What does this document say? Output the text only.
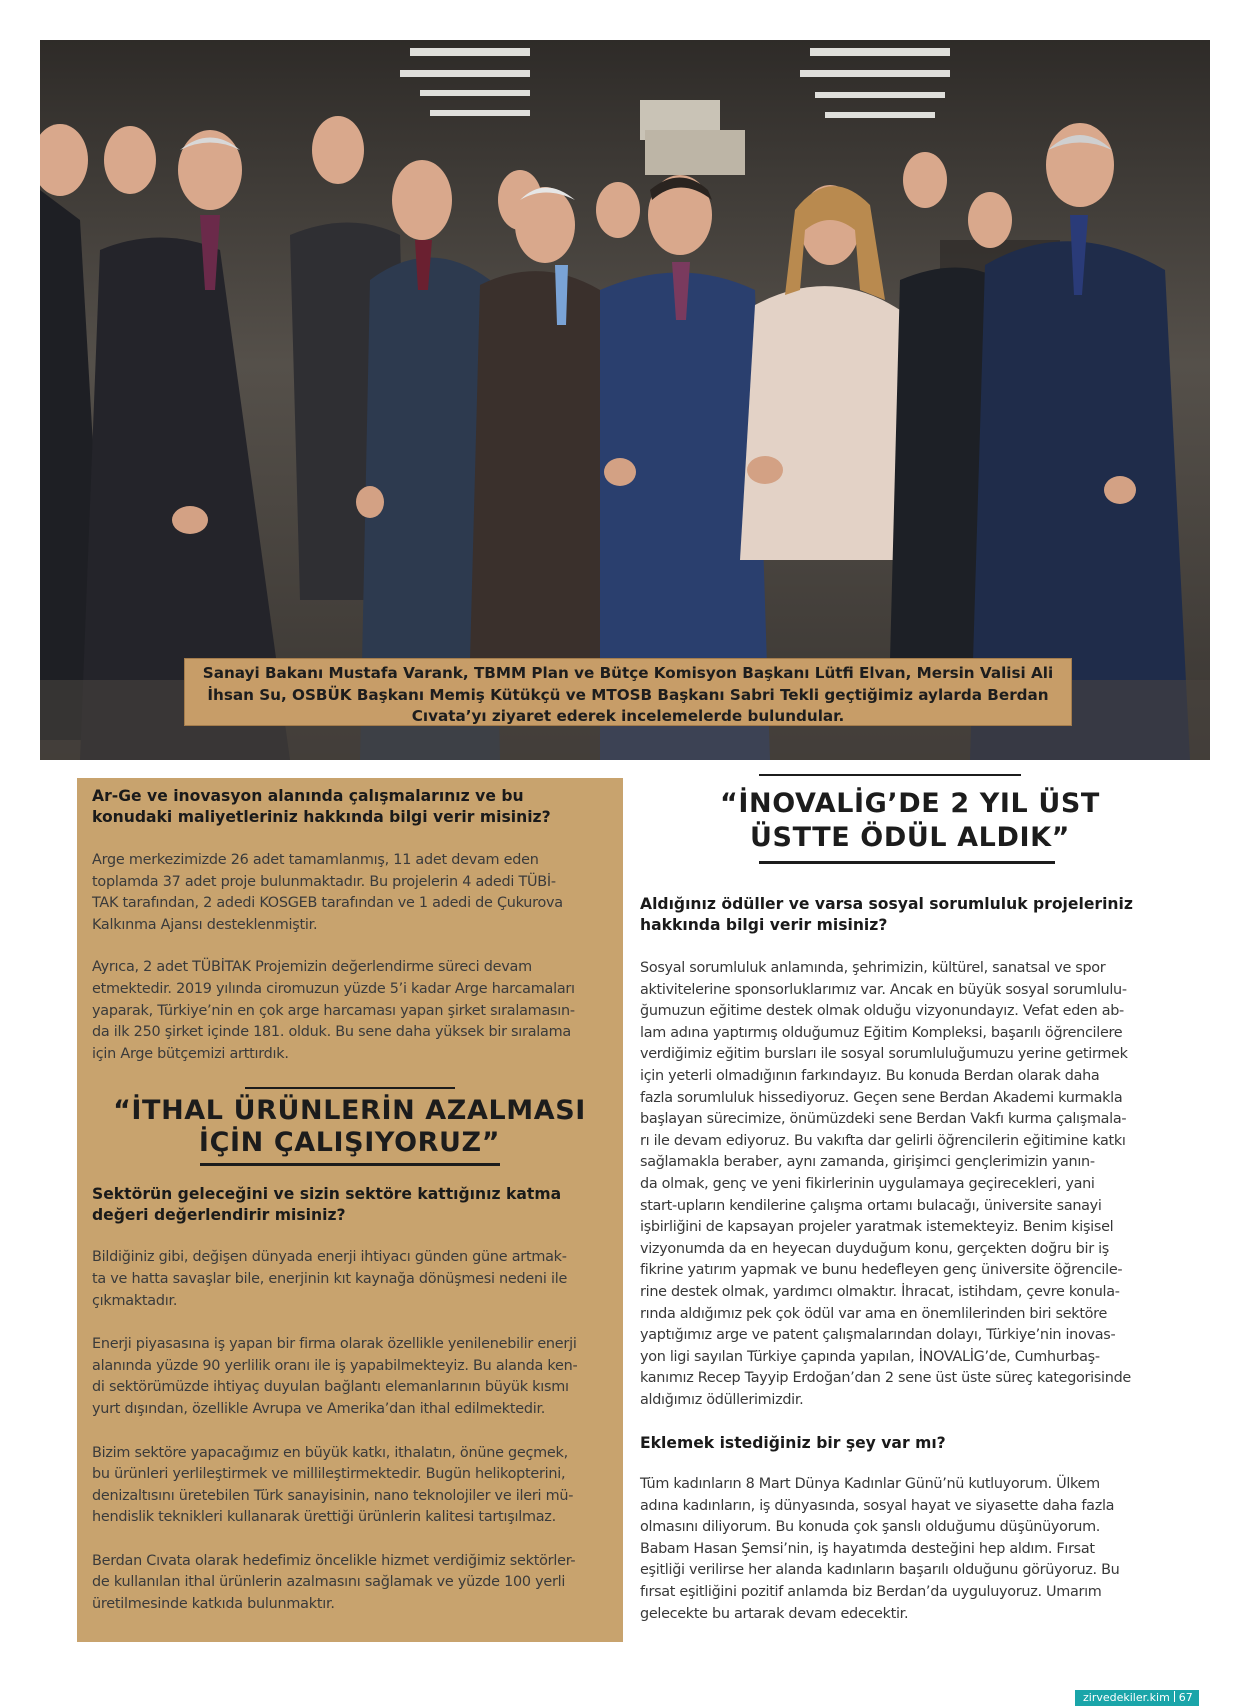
Sanayi Bakanı Mustafa Varank, TBMM Plan ve Bütçe Komisyon Başkanı Lütfi Elvan, Mersin Valisi Ali İhsan Su, OSBÜK Başkanı Memiş Kütükçü ve MTOSB Başkanı Sabri Tekli geçtiğimiz aylarda Berdan Cıvata’yı ziyaret ederek incelemelerde bulundular.

Ar-Ge ve inovasyon alanında çalışmalarınız ve bu
konudaki maliyetleriniz hakkında bilgi verir misiniz?

Arge merkezimizde 26 adet tamamlanmış, 11 adet devam eden
toplamda 37 adet proje bulunmaktadır. Bu projelerin 4 adedi TÜBİ-
TAK tarafından, 2 adedi KOSGEB tarafından ve 1 adedi de Çukurova
Kalkınma Ajansı desteklenmiştir.

Ayrıca, 2 adet TÜBİTAK Projemizin değerlendirme süreci devam
etmektedir. 2019 yılında ciromuzun yüzde 5’i kadar Arge harcamaları
yaparak, Türkiye’nin en çok arge harcaması yapan şirket sıralamasın-
da ilk 250 şirket içinde 181. olduk. Bu sene daha yüksek bir sıralama
için Arge bütçemizi arttırdık.

“İTHAL ÜRÜNLERİN AZALMASI
İÇİN ÇALIŞIYORUZ”

Sektörün geleceğini ve sizin sektöre kattığınız katma
değeri değerlendirir misiniz?

Bildiğiniz gibi, değişen dünyada enerji ihtiyacı günden güne artmak-
ta ve hatta savaşlar bile, enerjinin kıt kaynağa dönüşmesi nedeni ile
çıkmaktadır.

Enerji piyasasına iş yapan bir firma olarak özellikle yenilenebilir enerji
alanında yüzde 90 yerlilik oranı ile iş yapabilmekteyiz. Bu alanda ken-
di sektörümüzde ihtiyaç duyulan bağlantı elemanlarının büyük kısmı
yurt dışından, özellikle Avrupa ve Amerika’dan ithal edilmektedir.

Bizim sektöre yapacağımız en büyük katkı, ithalatın, önüne geçmek,
bu ürünleri yerlileştirmek ve millileştirmektedir. Bugün helikopterini,
denizaltısını üretebilen Türk sanayisinin, nano teknolojiler ve ileri mü-
hendislik teknikleri kullanarak ürettiği ürünlerin kalitesi tartışılmaz.

Berdan Cıvata olarak hedefimiz öncelikle hizmet verdiğimiz sektörler-
de kullanılan ithal ürünlerin azalmasını sağlamak ve yüzde 100 yerli
üretilmesinde katkıda bulunmaktır.

“İNOVALİG’DE 2 YIL ÜST
ÜSTTE ÖDÜL ALDIK”

Aldığınız ödüller ve varsa sosyal sorumluluk projeleriniz
hakkında bilgi verir misiniz?

Sosyal sorumluluk anlamında, şehrimizin, kültürel, sanatsal ve spor
aktivitelerine sponsorluklarımız var. Ancak en büyük sosyal sorumlulu-
ğumuzun eğitime destek olmak olduğu vizyonundayız. Vefat eden ab-
lam adına yaptırmış olduğumuz Eğitim Kompleksi, başarılı öğrencilere
verdiğimiz eğitim bursları ile sosyal sorumluluğumuzu yerine getirmek
için yeterli olmadığının farkındayız. Bu konuda Berdan olarak daha
fazla sorumluluk hissediyoruz. Geçen sene Berdan Akademi kurmakla
başlayan sürecimize, önümüzdeki sene Berdan Vakfı kurma çalışmala-
rı ile devam ediyoruz. Bu vakıfta dar gelirli öğrencilerin eğitimine katkı
sağlamakla beraber, aynı zamanda, girişimci gençlerimizin yanın-
da olmak, genç ve yeni fikirlerinin uygulamaya geçirecekleri, yani
start-upların kendilerine çalışma ortamı bulacağı, üniversite sanayi
işbirliğini de kapsayan projeler yaratmak istemekteyiz. Benim kişisel
vizyonumda da en heyecan duyduğum konu, gerçekten doğru bir iş
fikrine yatırım yapmak ve bunu hedefleyen genç üniversite öğrencile-
rine destek olmak, yardımcı olmaktır. İhracat, istihdam, çevre konula-
rında aldığımız pek çok ödül var ama en önemlilerinden biri sektöre
yaptığımız arge ve patent çalışmalarından dolayı, Türkiye’nin inovas-
yon ligi sayılan Türkiye çapında yapılan, İNOVALİG’de, Cumhurbaş-
kanımız Recep Tayyip Erdoğan’dan 2 sene üst üste süreç kategorisinde
aldığımız ödüllerimizdir.

Eklemek istediğiniz bir şey var mı?

Tüm kadınların 8 Mart Dünya Kadınlar Günü’nü kutluyorum. Ülkem
adına kadınların, iş dünyasında, sosyal hayat ve siyasette daha fazla
olmasını diliyorum. Bu konuda çok şanslı olduğumu düşünüyorum.
Babam Hasan Şemsi’nin, iş hayatımda desteğini hep aldım. Fırsat
eşitliği verilirse her alanda kadınların başarılı olduğunu görüyoruz. Bu
fırsat eşitliğini pozitif anlamda biz Berdan’da uyguluyoruz. Umarım
gelecekte bu artarak devam edecektir.

zirvedekiler.kim 67
